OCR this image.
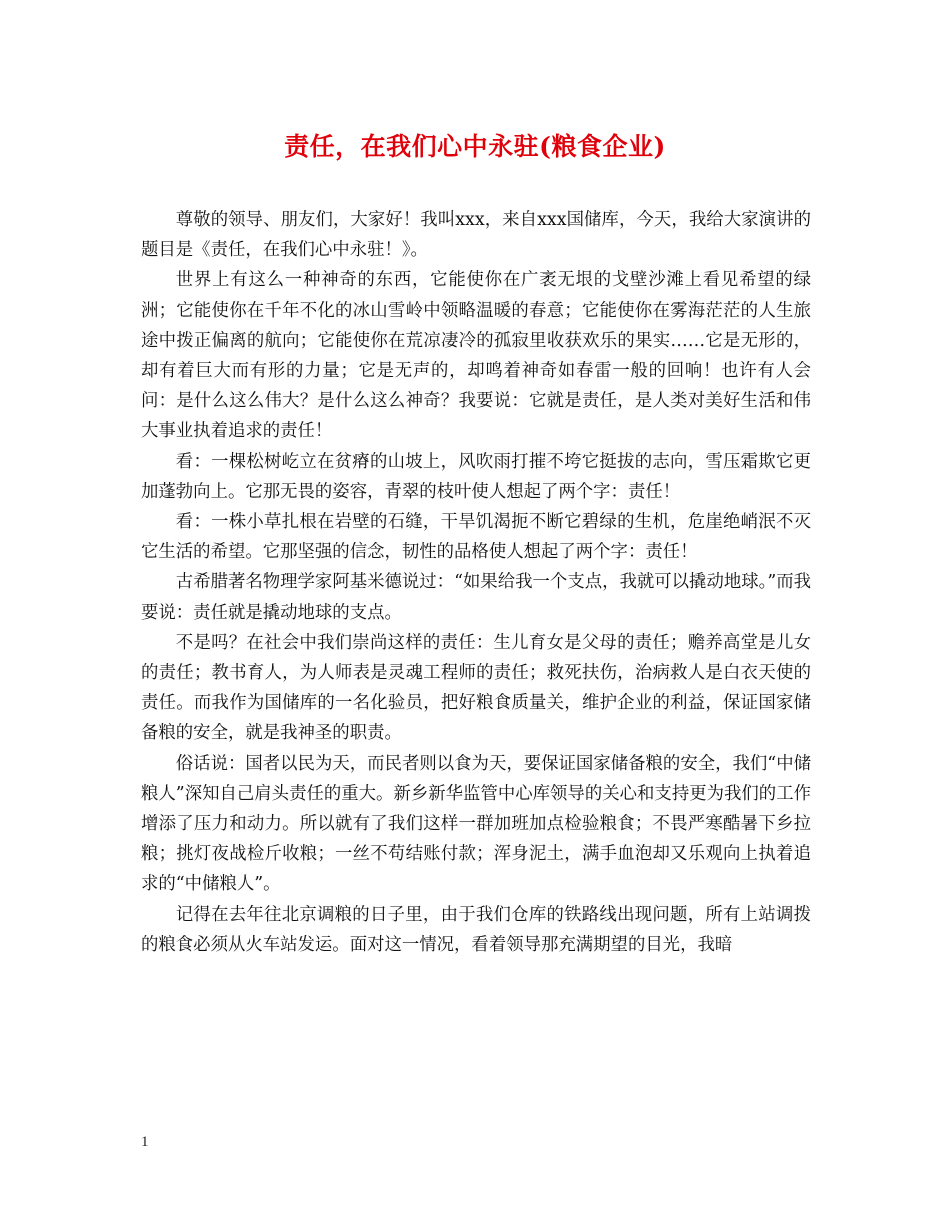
责任，在我们心中永驻(粮食企业)

尊敬的领导、朋友们，大家好！我叫xxx，来自xxx国储库，今天，我给大家演讲的题目是《责任，在我们心中永驻！》。

世界上有这么一种神奇的东西，它能使你在广袤无垠的戈壁沙滩上看见希望的绿洲；它能使你在千年不化的冰山雪岭中领略温暖的春意；它能使你在雾海茫茫的人生旅途中拨正偏离的航向；它能使你在荒凉凄冷的孤寂里收获欢乐的果实……它是无形的，却有着巨大而有形的力量；它是无声的，却鸣着神奇如春雷一般的回响！也许有人会问：是什么这么伟大？是什么这么神奇？我要说：它就是责任，是人类对美好生活和伟大事业执着追求的责任！

看：一棵松树屹立在贫瘠的山坡上，风吹雨打摧不垮它挺拔的志向，雪压霜欺它更加蓬勃向上。它那无畏的姿容，青翠的枝叶使人想起了两个字：责任！

看：一株小草扎根在岩壁的石缝，干旱饥渴扼不断它碧绿的生机，危崖绝峭泯不灭它生活的希望。它那坚强的信念，韧性的品格使人想起了两个字：责任！

古希腊著名物理学家阿基米德说过：“如果给我一个支点，我就可以撬动地球。”而我要说：责任就是撬动地球的支点。

不是吗？在社会中我们崇尚这样的责任：生儿育女是父母的责任；赡养高堂是儿女的责任；教书育人，为人师表是灵魂工程师的责任；救死扶伤，治病救人是白衣天使的责任。而我作为国储库的一名化验员，把好粮食质量关，维护企业的利益，保证国家储备粮的安全，就是我神圣的职责。

俗话说：国者以民为天，而民者则以食为天，要保证国家储备粮的安全，我们“中储粮人”深知自己肩头责任的重大。新乡新华监管中心库领导的关心和支持更为我们的工作增添了压力和动力。所以就有了我们这样一群加班加点检验粮食；不畏严寒酷暑下乡拉粮；挑灯夜战检斤收粮；一丝不苟结账付款；浑身泥土，满手血泡却又乐观向上执着追求的“中储粮人”。

记得在去年往北京调粮的日子里，由于我们仓库的铁路线出现问题，所有上站调拨的粮食必须从火车站发运。面对这一情况，看着领导那充满期望的目光，我暗

1
